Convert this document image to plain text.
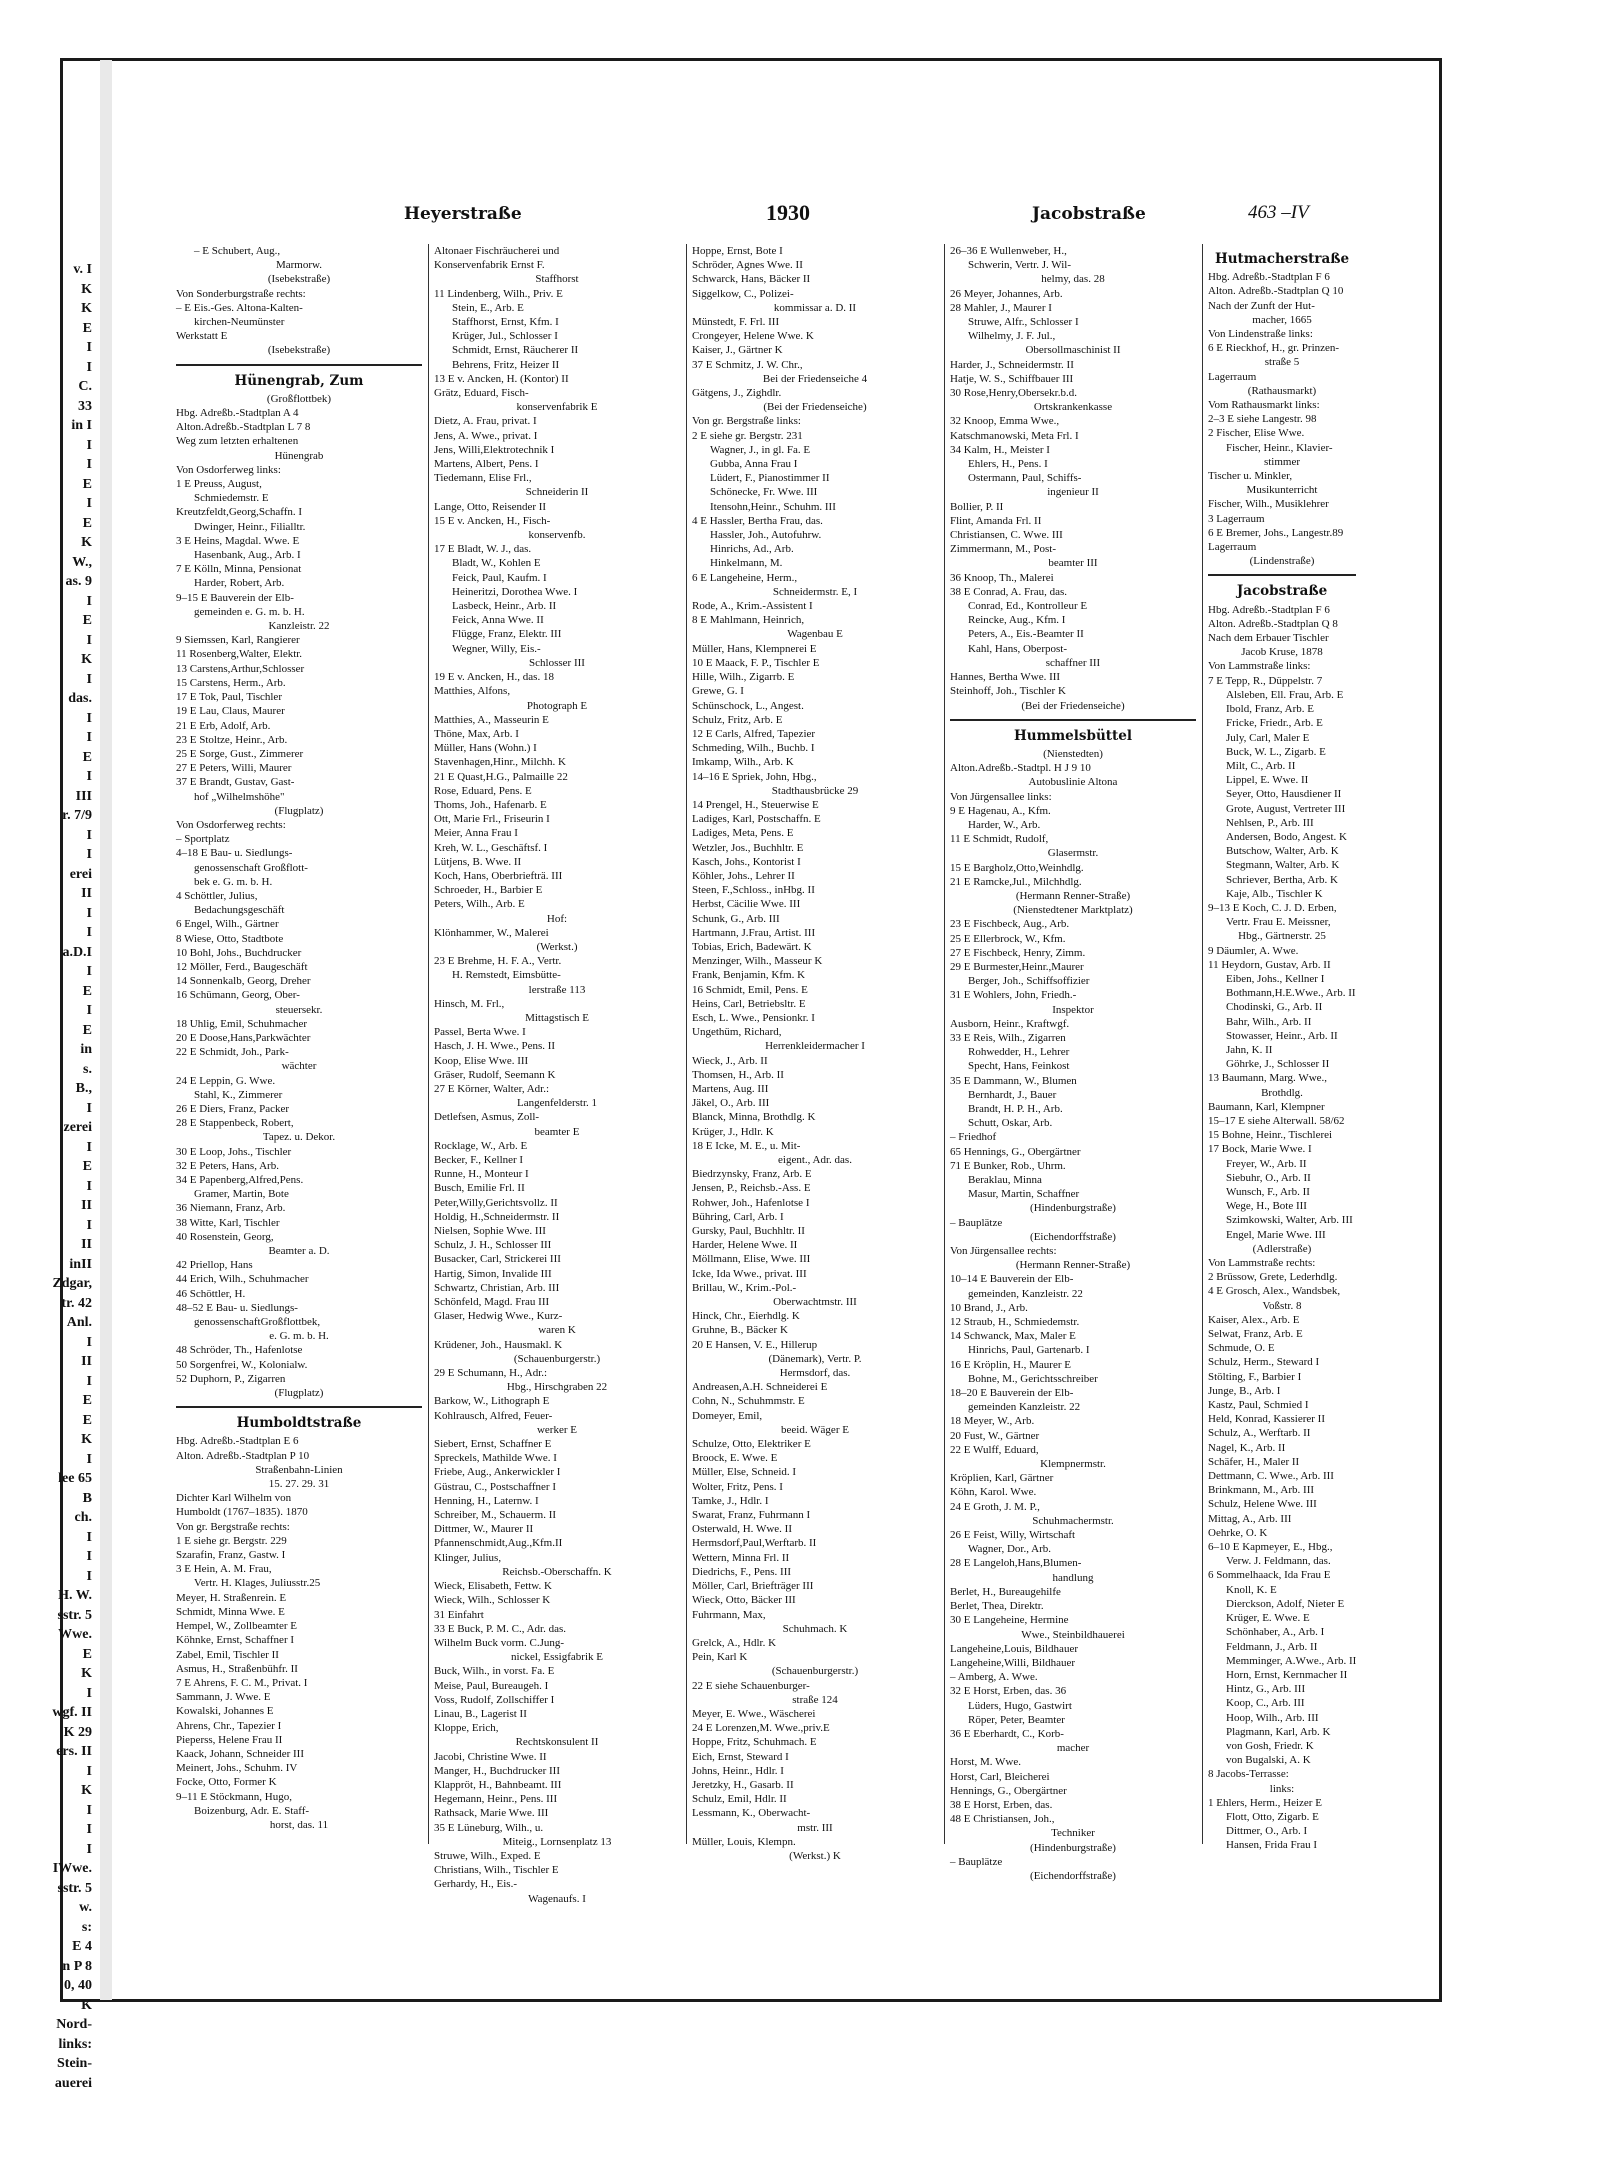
v. I
K
K
E
I
I
C.
33
in I
I
I
E
I
E
K
W.,
as. 9
I
E
I
K
I
das.
I
I
E
I
III
r. 7/9
I
I
erei
II
I
I
a.D.I
I
E
I
E
in
s.
B.,
I
zerei
I
E
I
II
I
II
inII
Zdgar,
tr. 42
Anl.
I
II
I
E
E
K
I
lee 65
B
ch.
I
I
I
H. W.
sstr. 5
Wwe.
E
K
I
wgf. II
K 29
ers. II
I
K
I
I
I
IWwe.
sstr. 5
w.
s:
E 4
n P 8
0, 40
K
Nord-
links:
Stein-
auerei
Heyerstraße	1930	Jacobstraße	463 –IV
– E Schubert, Aug.,
Marmorw.
(Isebekstraße)
Von Sonderburgstraße rechts:
– E Eis.-Ges. Altona-Kalten-
kirchen-Neumünster
Werkstatt E
(Isebekstraße)
Hünengrab, Zum
(Großflottbek)
Hbg. Adreßb.-Stadtplan A 4
Alton.Adreßb.-Stadtplan L 7 8
Weg zum letzten erhaltenen
Hünengrab
Von Osdorferweg links:
1 E Preuss, August,
Schmiedemstr. E
Kreutzfeldt,Georg,Schaffn. I
Dwinger, Heinr., Filialltr.
3 E Heins, Magdal. Wwe. E
Hasenbank, Aug., Arb. I
7 E Kölln, Minna, Pensionat
Harder, Robert, Arb.
9–15 E Bauverein der Elb-
gemeinden e. G. m. b. H.
Kanzleistr. 22
9 Siemssen, Karl, Rangierer
11 Rosenberg,Walter, Elektr.
13 Carstens,Arthur,Schlosser
15 Carstens, Herm., Arb.
17 E Tok, Paul, Tischler
19 E Lau, Claus, Maurer
21 E Erb, Adolf, Arb.
23 E Stoltze, Heinr., Arb.
25 E Sorge, Gust., Zimmerer
27 E Peters, Willi, Maurer
37 E Brandt, Gustav, Gast-
hof „Wilhelmshöhe"
(Flugplatz)
Von Osdorferweg rechts:
– Sportplatz
4–18 E Bau- u. Siedlungs-
genossenschaft Großflott-
bek e. G. m. b. H.
4 Schöttler, Julius,
Bedachungsgeschäft
6 Engel, Wilh., Gärtner
8 Wiese, Otto, Stadtbote
10 Bohl, Johs., Buchdrucker
12 Möller, Ferd., Baugeschäft
14 Sonnenkalb, Georg, Dreher
16 Schümann, Georg, Ober-
steuersekr.
18 Uhlig, Emil, Schuhmacher
20 E Doose,Hans,Parkwächter
22 E Schmidt, Joh., Park-
wächter
24 E Leppin, G. Wwe.
Stahl, K., Zimmerer
26 E Diers, Franz, Packer
28 E Stappenbeck, Robert,
Tapez. u. Dekor.
30 E Loop, Johs., Tischler
32 E Peters, Hans, Arb.
34 E Papenberg,Alfred,Pens.
Gramer, Martin, Bote
36 Niemann, Franz, Arb.
38 Witte, Karl, Tischler
40 Rosenstein, Georg,
Beamter a. D.
42 Priellop, Hans
44 Erich, Wilh., Schuhmacher
46 Schöttler, H.
48–52 E Bau- u. Siedlungs-
genossenschaftGroßflottbek,
e. G. m. b. H.
48 Schröder, Th., Hafenlotse
50 Sorgenfrei, W., Kolonialw.
52 Duphorn, P., Zigarren
(Flugplatz)
Humboldtstraße
Hbg. Adreßb.-Stadtplan E 6
Alton. Adreßb.-Stadtplan P 10
Straßenbahn-Linien
15. 27. 29. 31
Dichter Karl Wilhelm von
Humboldt (1767–1835). 1870
Von gr. Bergstraße rechts:
1 E siehe gr. Bergstr. 229
Szarafin, Franz, Gastw. I
3 E Hein, A. M. Frau,
Vertr. H. Klages, Juliusstr.25
Meyer, H. Straßenrein. E
Schmidt, Minna Wwe. E
Hempel, W., Zollbeamter E
Köhnke, Ernst, Schaffner I
Zabel, Emil, Tischler II
Asmus, H., Straßenbühfr. II
7 E Ahrens, F. C. M., Privat. I
Sammann, J. Wwe. E
Kowalski, Johannes E
Ahrens, Chr., Tapezier I
Pieperss, Helene Frau II
Kaack, Johann, Schneider III
Meinert, Johs., Schuhm. IV
Focke, Otto, Former K
9–11 E Stöckmann, Hugo,
Boizenburg, Adr. E. Staff-
horst, das. 11
Altonaer Fischräucherei und
Konservenfabrik Ernst F.
Staffhorst
11 Lindenberg, Wilh., Priv. E
Stein, E., Arb. E
Staffhorst, Ernst, Kfm. I
Krüger, Jul., Schlosser I
Schmidt, Ernst, Räucherer II
Behrens, Fritz, Heizer II
13 E v. Ancken, H. (Kontor) II
Grätz, Eduard, Fisch-
konservenfabrik E
Dietz, A. Frau, privat. I
Jens, A. Wwe., privat. I
Jens, Willi,Elektrotechnik I
Martens, Albert, Pens. I
Tiedemann, Elise Frl.,
Schneiderin II
Lange, Otto, Reisender II
15 E v. Ancken, H., Fisch-
konservenfb.
17 E Bladt, W. J., das.
Bladt, W., Kohlen E
Feick, Paul, Kaufm. I
Heineritzi, Dorothea Wwe. I
Lasbeck, Heinr., Arb. II
Feick, Anna Wwe. II
Flügge, Franz, Elektr. III
Wegner, Willy, Eis.-
Schlosser III
19 E v. Ancken, H., das. 18
Matthies, Alfons,
Photograph E
Matthies, A., Masseurin E
Thöne, Max, Arb. I
Müller, Hans (Wohn.) I
Stavenhagen,Hinr., Milchh. K
21 E Quast,H.G., Palmaille 22
Rose, Eduard, Pens. E
Thoms, Joh., Hafenarb. E
Ott, Marie Frl., Friseurin I
Meier, Anna Frau I
Kreh, W. L., Geschäftsf. I
Lütjens, B. Wwe. II
Koch, Hans, Oberbriefträ. III
Schroeder, H., Barbier E
Peters, Wilh., Arb. E
Hof:
Klönhammer, W., Malerei
(Werkst.)
23 E Brehme, H. F. A., Vertr.
H. Remstedt, Eimsbütte-
lerstraße 113
Hinsch, M. Frl.,
Mittagstisch E
Passel, Berta Wwe. I
Hasch, J. H. Wwe., Pens. II
Koop, Elise Wwe. III
Gräser, Rudolf, Seemann K
27 E Körner, Walter, Adr.:
Langenfelderstr. 1
Detlefsen, Asmus, Zoll-
beamter E
Rocklage, W., Arb. E
Becker, F., Kellner I
Runne, H., Monteur I
Busch, Emilie Frl. II
Peter,Willy,Gerichtsvollz. II
Holdig, H.,Schneidermstr. II
Nielsen, Sophie Wwe. III
Schulz, J. H., Schlosser III
Busacker, Carl, Strickerei III
Hartig, Simon, Invalide III
Schwartz, Christian, Arb. III
Schönfeld, Magd. Frau III
Glaser, Hedwig Wwe., Kurz-
waren K
Krüdener, Joh., Hausmakl. K
(Schauenburgerstr.)
29 E Schumann, H., Adr.:
Hbg., Hirschgraben 22
Barkow, W., Lithograph E
Kohlrausch, Alfred, Feuer-
werker E
Siebert, Ernst, Schaffner E
Spreckels, Mathilde Wwe. I
Friebe, Aug., Ankerwickler I
Güstrau, C., Postschaffner I
Henning, H., Laternw. I
Schreiber, M., Schauerm. II
Dittmer, W., Maurer II
Pfannenschmidt,Aug.,Kfm.II
Klinger, Julius,
Reichsb.-Oberschaffn. K
Wieck, Elisabeth, Fettw. K
Wieck, Wilh., Schlosser K
31 Einfahrt
33 E Buck, P. M. C., Adr. das.
Wilhelm Buck vorm. C.Jung-
nickel, Essigfabrik E
Buck, Wilh., in vorst. Fa. E
Meise, Paul, Bureaugeh. I
Voss, Rudolf, Zollschiffer I
Linau, B., Lagerist II
Kloppe, Erich,
Rechtskonsulent II
Jacobi, Christine Wwe. II
Manger, H., Buchdrucker III
Klappröt, H., Bahnbeamt. III
Hegemann, Heinr., Pens. III
Rathsack, Marie Wwe. III
35 E Lüneburg, Wilh., u.
Miteig., Lornsenplatz 13
Struwe, Wilh., Exped. E
Christians, Wilh., Tischler E
Gerhardy, H., Eis.-
Wagenaufs. I
Hoppe, Ernst, Bote I
Schröder, Agnes Wwe. II
Schwarck, Hans, Bäcker II
Siggelkow, C., Polizei-
kommissar a. D. II
Münstedt, F. Frl. III
Crongeyer, Helene Wwe. K
Kaiser, J., Gärtner K
37 E Schmitz, J. W. Chr.,
Bei der Friedenseiche 4
Gätgens, J., Zighdlr.
(Bei der Friedenseiche)
Von gr. Bergstraße links:
2 E siehe gr. Bergstr. 231
Wagner, J., in gl. Fa. E
Gubba, Anna Frau I
Lüdert, F., Pianostimmer II
Schönecke, Fr. Wwe. III
Itensohn,Heinr., Schuhm. III
4 E Hassler, Bertha Frau, das.
Hassler, Joh., Autofuhrw.
Hinrichs, Ad., Arb.
Hinkelmann, M.
6 E Langeheine, Herm.,
Schneidermstr. E, I
Rode, A., Krim.-Assistent I
8 E Mahlmann, Heinrich,
Wagenbau E
Müller, Hans, Klempnerei E
10 E Maack, F. P., Tischler E
Hille, Wilh., Zigarrb. E
Grewe, G. I
Schünschock, L., Angest.
Schulz, Fritz, Arb. E
12 E Carls, Alfred, Tapezier
Schmeding, Wilh., Buchb. I
Imkamp, Wilh., Arb. K
14–16 E Spriek, John, Hbg.,
Stadthausbrücke 29
14 Prengel, H., Steuerwise E
Ladiges, Karl, Postschaffn. E
Ladiges, Meta, Pens. E
Wetzler, Jos., Buchhltr. E
Kasch, Johs., Kontorist I
Köhler, Johs., Lehrer II
Steen, F.,Schloss., inHbg. II
Herbst, Cäcilie Wwe. III
Schunk, G., Arb. III
Hartmann, J.Frau, Artist. III
Tobias, Erich, Badewärt. K
Menzinger, Wilh., Masseur K
Frank, Benjamin, Kfm. K
16 Schmidt, Emil, Pens. E
Heins, Carl, Betriebsltr. E
Esch, L. Wwe., Pensionkr. I
Ungethüm, Richard,
Herrenkleidermacher I
Wieck, J., Arb. II
Thomsen, H., Arb. II
Martens, Aug. III
Jäkel, O., Arb. III
Blanck, Minna, Brothdlg. K
Krüger, J., Hdlr. K
18 E Icke, M. E., u. Mit-
eigent., Adr. das.
Biedrzynsky, Franz, Arb. E
Jensen, P., Reichsb.-Ass. E
Rohwer, Joh., Hafenlotse I
Bühring, Carl, Arb. I
Gursky, Paul, Buchhltr. II
Harder, Helene Wwe. II
Möllmann, Elise, Wwe. III
Icke, Ida Wwe., privat. III
Brillau, W., Krim.-Pol.-
Oberwachtmstr. III
Hinck, Chr., Eierhdlg. K
Gruhne, B., Bäcker K
20 E Hansen, V. E., Hillerup
(Dänemark), Vertr. P.
Hermsdorf, das.
Andreasen,A.H. Schneiderei E
Cohn, N., Schuhmmstr. E
Domeyer, Emil,
beeid. Wäger E
Schulze, Otto, Elektriker E
Broock, E. Wwe. E
Müller, Else, Schneid. I
Wolter, Fritz, Pens. I
Tamke, J., Hdlr. I
Swarat, Franz, Fuhrmann I
Osterwald, H. Wwe. II
Hermsdorf,Paul,Werftarb. II
Wettern, Minna Frl. II
Diedrichs, F., Pens. III
Möller, Carl, Briefträger III
Wieck, Otto, Bäcker III
Fuhrmann, Max,
Schuhmach. K
Grelck, A., Hdlr. K
Pein, Karl K
(Schauenburgerstr.)
22 E siehe Schauenburger-
straße 124
Meyer, E. Wwe., Wäscherei
24 E Lorenzen,M. Wwe.,priv.E
Hoppe, Fritz, Schuhmach. E
Eich, Ernst, Steward I
Johns, Heinr., Hdlr. I
Jeretzky, H., Gasarb. II
Schulz, Emil, Hdlr. II
Lessmann, K., Oberwacht-
mstr. III
Müller, Louis, Klempn.
(Werkst.) K
26–36 E Wullenweber, H.,
Schwerin, Vertr. J. Wil-
helmy, das. 28
26 Meyer, Johannes, Arb.
28 Mahler, J., Maurer I
Struwe, Alfr., Schlosser I
Wilhelmy, J. F. Jul.,
Obersollmaschinist II
Harder, J., Schneidermstr. II
Hatje, W. S., Schiffbauer III
30 Rose,Henry,Obersekr.b.d.
Ortskrankenkasse
32 Knoop, Emma Wwe.,
Katschmanowski, Meta Frl. I
34 Kalm, H., Meister I
Ehlers, H., Pens. I
Ostermann, Paul, Schiffs-
ingenieur II
Bollier, P. II
Flint, Amanda Frl. II
Christiansen, C. Wwe. III
Zimmermann, M., Post-
beamter III
36 Knoop, Th., Malerei
38 E Conrad, A. Frau, das.
Conrad, Ed., Kontrolleur E
Reincke, Aug., Kfm. I
Peters, A., Eis.-Beamter II
Kahl, Hans, Oberpost-
schaffner III
Hannes, Bertha Wwe. III
Steinhoff, Joh., Tischler K
(Bei der Friedenseiche)
Hummelsbüttel
(Nienstedten)
Alton.Adreßb.-Stadtpl. H J 9 10
Autobuslinie Altona
Von Jürgensallee links:
9 E Hagenau, A., Kfm.
Harder, W., Arb.
11 E Schmidt, Rudolf,
Glasermstr.
15 E Bargholz,Otto,Weinhdlg.
21 E Ramcke,Jul., Milchhdlg.
(Hermann Renner-Straße)
(Nienstedtener Marktplatz)
23 E Fischbeck, Aug., Arb.
25 E Ellerbrock, W., Kfm.
27 E Fischbeck, Henry, Zimm.
29 E Burmester,Heinr.,Maurer
Berger, Joh., Schiffsoffizier
31 E Wohlers, John, Friedh.-
Inspektor
Ausborn, Heinr., Kraftwgf.
33 E Reis, Wilh., Zigarren
Rohwedder, H., Lehrer
Specht, Hans, Feinkost
35 E Dammann, W., Blumen
Bernhardt, J., Bauer
Brandt, H. P. H., Arb.
Schutt, Oskar, Arb.
– Friedhof
65 Hennings, G., Obergärtner
71 E Bunker, Rob., Uhrm.
Beraklau, Minna
Masur, Martin, Schaffner
(Hindenburgstraße)
– Bauplätze
(Eichendorffstraße)
Von Jürgensallee rechts:
(Hermann Renner-Straße)
10–14 E Bauverein der Elb-
gemeinden, Kanzleistr. 22
10 Brand, J., Arb.
12 Straub, H., Schmiedemstr.
14 Schwanck, Max, Maler E
Hinrichs, Paul, Gartenarb. I
16 E Kröplin, H., Maurer E
Bohne, M., Gerichtsschreiber
18–20 E Bauverein der Elb-
gemeinden Kanzleistr. 22
18 Meyer, W., Arb.
20 Fust, W., Gärtner
22 E Wulff, Eduard,
Klempnermstr.
Kröplien, Karl, Gärtner
Köhn, Karol. Wwe.
24 E Groth, J. M. P.,
Schuhmachermstr.
26 E Feist, Willy, Wirtschaft
Wagner, Dor., Arb.
28 E Langeloh,Hans,Blumen-
handlung
Berlet, H., Bureaugehilfe
Berlet, Thea, Direktr.
30 E Langeheine, Hermine
Wwe., Steinbildhauerei
Langeheine,Louis, Bildhauer
Langeheine,Willi, Bildhauer
– Amberg, A. Wwe.
32 E Horst, Erben, das. 36
Lüders, Hugo, Gastwirt
Röper, Peter, Beamter
36 E Eberhardt, C., Korb-
macher
Horst, M. Wwe.
Horst, Carl, Bleicherei
Hennings, G., Obergärtner
38 E Horst, Erben, das.
48 E Christiansen, Joh.,
Techniker
(Hindenburgstraße)
– Bauplätze
(Eichendorffstraße)
Hutmacherstraße
Hbg. Adreßb.-Stadtplan F 6
Alton. Adreßb.-Stadtplan Q 10
Nach der Zunft der Hut-
macher, 1665
Von Lindenstraße links:
6 E Rieckhof, H., gr. Prinzen-
straße 5
Lagerraum
(Rathausmarkt)
Vom Rathausmarkt links:
2–3 E siehe Langestr. 98
2 Fischer, Elise Wwe.
Fischer, Heinr., Klavier-
stimmer
Tischer u. Minkler,
Musikunterricht
Fischer, Wilh., Musiklehrer
3 Lagerraum
6 E Bremer, Johs., Langestr.89
Lagerraum
(Lindenstraße)
Jacobstraße
Hbg. Adreßb.-Stadtplan F 6
Alton. Adreßb.-Stadtplan Q 8
Nach dem Erbauer Tischler
Jacob Kruse, 1878
Von Lammstraße links:
7 E Tepp, R., Düppelstr. 7
Alsleben, Ell. Frau, Arb. E
Ibold, Franz, Arb. E
Fricke, Friedr., Arb. E
July, Carl, Maler E
Buck, W. L., Zigarb. E
Milt, C., Arb. II
Lippel, E. Wwe. II
Seyer, Otto, Hausdiener II
Grote, August, Vertreter III
Nehlsen, P., Arb. III
Andersen, Bodo, Angest. K
Butschow, Walter, Arb. K
Stegmann, Walter, Arb. K
Schriever, Bertha, Arb. K
Kaje, Alb., Tischler K
9–13 E Koch, C. J. D. Erben,
Vertr. Frau E. Meissner,
Hbg., Gärtnerstr. 25
9 Däumler, A. Wwe.
11 Heydorn, Gustav, Arb. II
Eiben, Johs., Kellner I
Bothmann,H.E.Wwe., Arb. II
Chodinski, G., Arb. II
Bahr, Wilh., Arb. II
Stowasser, Heinr., Arb. II
Jahn, K. II
Göhrke, J., Schlosser II
13 Baumann, Marg. Wwe.,
Brothdlg.
Baumann, Karl, Klempner
15–17 E siehe Alterwall. 58/62
15 Bohne, Heinr., Tischlerei
17 Bock, Marie Wwe. I
Freyer, W., Arb. II
Siebuhr, O., Arb. II
Wunsch, F., Arb. II
Wege, H., Bote III
Szimkowski, Walter, Arb. III
Engel, Marie Wwe. III
(Adlerstraße)
Von Lammstraße rechts:
2 Brüssow, Grete, Lederhdlg.
4 E Grosch, Alex., Wandsbek,
Voßstr. 8
Kaiser, Alex., Arb. E
Selwat, Franz, Arb. E
Schmude, O. E
Schulz, Herm., Steward I
Stölting, F., Barbier I
Junge, B., Arb. I
Kastz, Paul, Schmied I
Held, Konrad, Kassierer II
Schulz, A., Werftarb. II
Nagel, K., Arb. II
Schäfer, H., Maler II
Dettmann, C. Wwe., Arb. III
Brinkmann, M., Arb. III
Schulz, Helene Wwe. III
Mittag, A., Arb. III
Oehrke, O. K
6–10 E Kapmeyer, E., Hbg.,
Verw. J. Feldmann, das.
6 Sommelhaack, Ida Frau E
Knoll, K. E
Dierckson, Adolf, Nieter E
Krüger, E. Wwe. E
Schönhaber, A., Arb. I
Feldmann, J., Arb. II
Memminger, A.Wwe., Arb. II
Horn, Ernst, Kernmacher II
Hintz, G., Arb. III
Koop, C., Arb. III
Hoop, Wilh., Arb. III
Plagmann, Karl, Arb. K
von Gosh, Friedr. K
von Bugalski, A. K
8 Jacobs-Terrasse:
links:
1 Ehlers, Herm., Heizer E
Flott, Otto, Zigarb. E
Dittmer, O., Arb. I
Hansen, Frida Frau I
